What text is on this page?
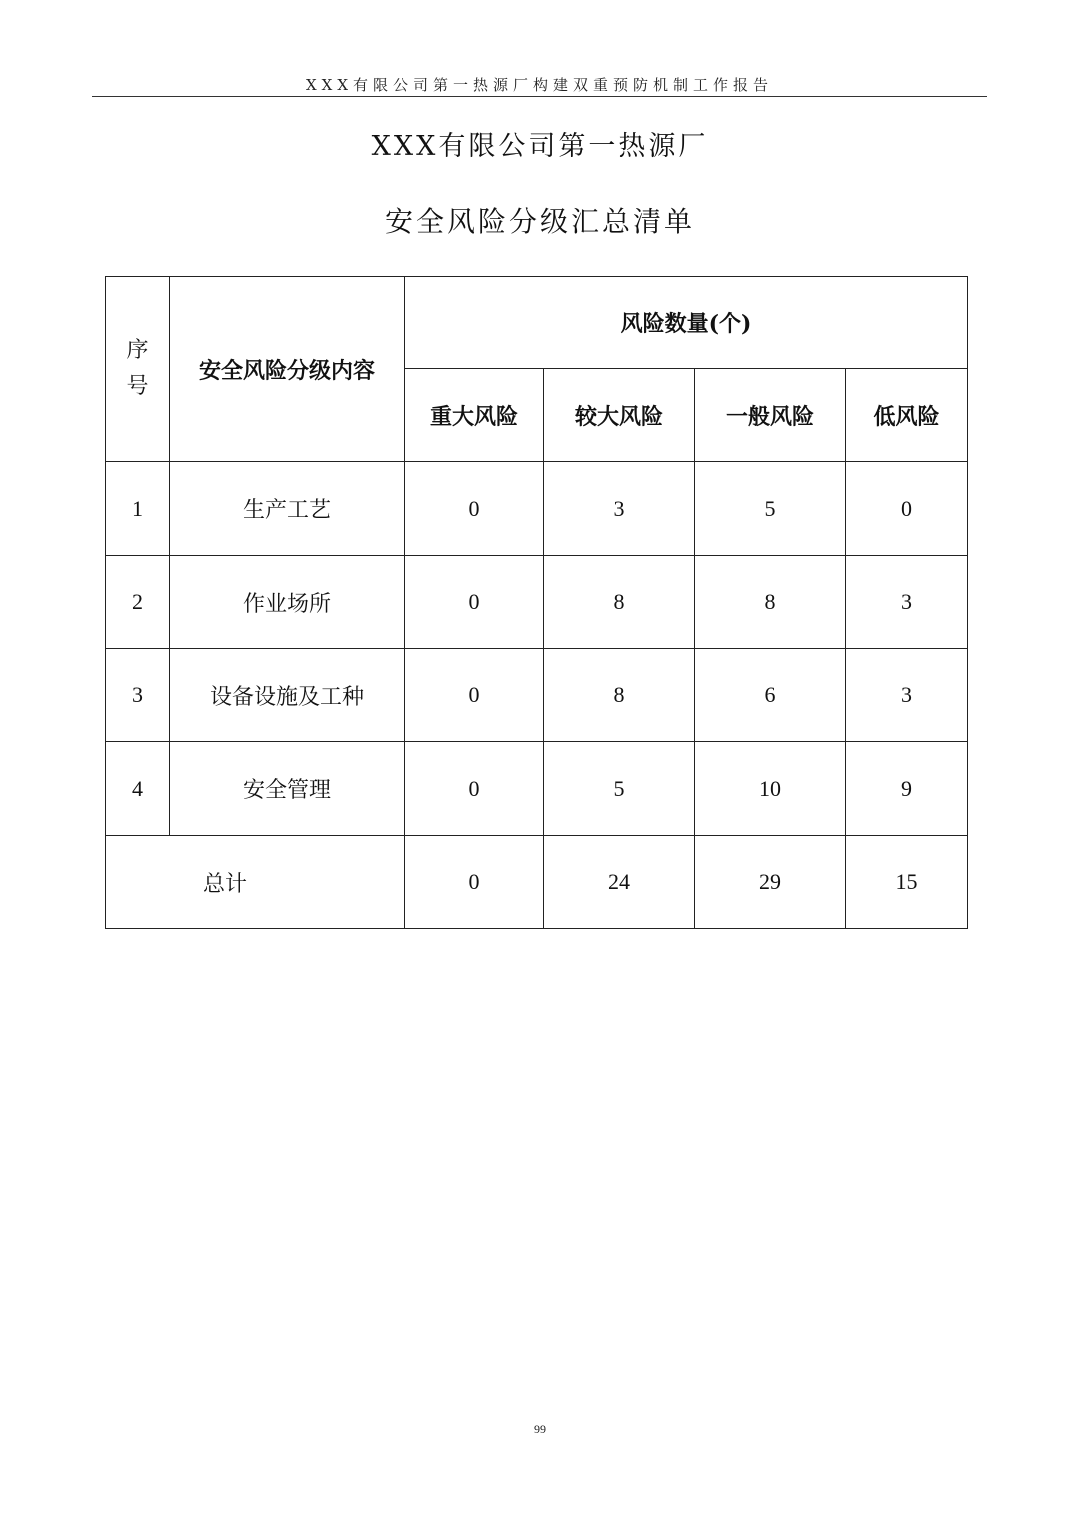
XXX有限公司第一热源厂构建双重预防机制工作报告
XXX有限公司第一热源厂
安全风险分级汇总清单
序
号	安全风险分级内容	风险数量(个)			
		重大风险	较大风险	一般风险	低风险
1	生产工艺	0	3	5	0
2	作业场所	0	8	8	3
3	设备设施及工种	0	8	6	3
4	安全管理	0	5	10	9
总计		0	24	29	15
99
